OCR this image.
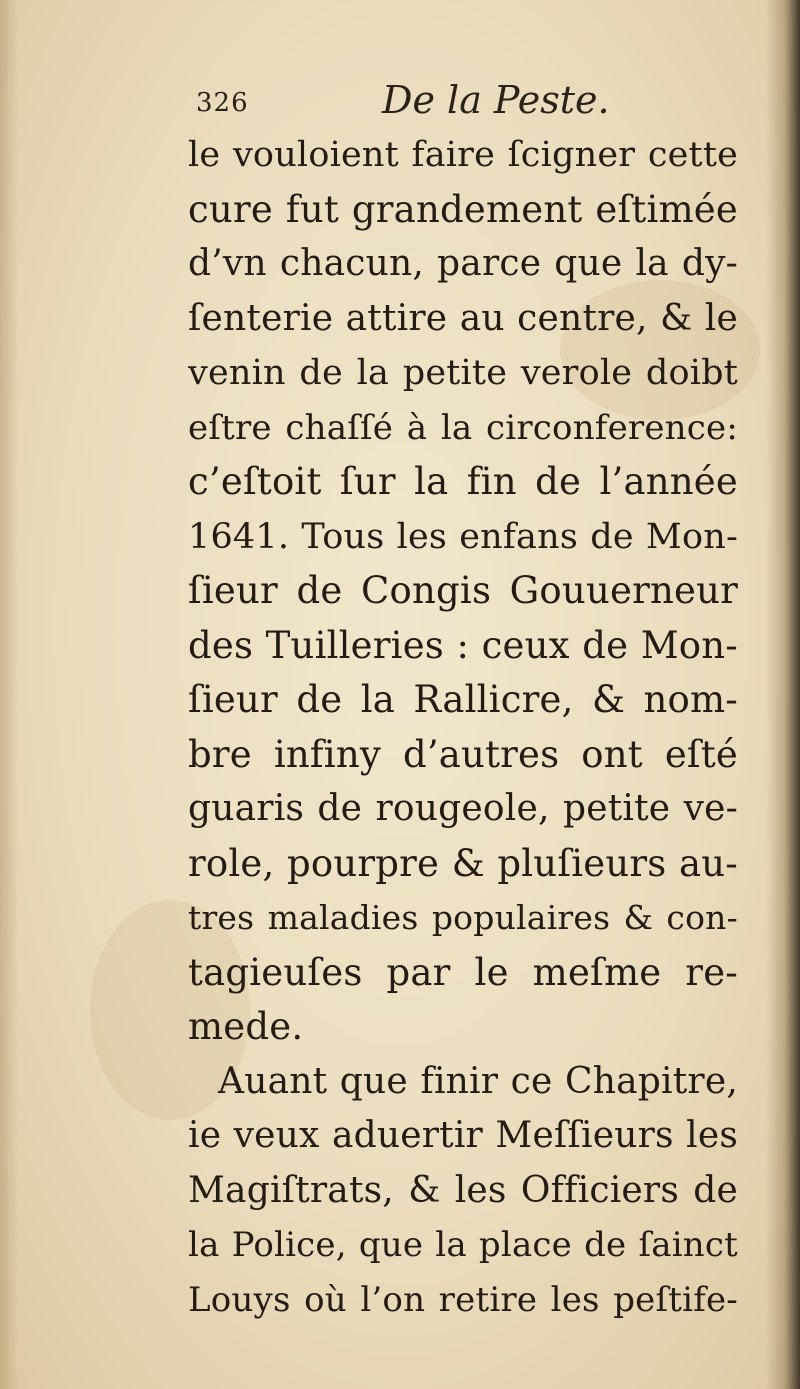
326	De la Peste.
le vouloient faire ſcigner cette
cure fut grandement eſtimée
d’vn chacun, parce que la dy-
ſenterie attire au centre, & le
venin de la petite verole doibt
eſtre chaſſé à la circonference:
c’eſtoit ſur la fin de l’année
1641. Tous les enfans de Mon-
ſieur de Congis Gouuerneur
des Tuilleries : ceux de Mon-
ſieur de la Rallicre, & nom-
bre infiny d’autres ont eſté
guaris de rougeole, petite ve-
role, pourpre & pluſieurs au-
tres maladies populaires & con-
tagieuſes par le meſme re-
mede.
Auant que finir ce Chapitre,
ie veux aduertir Meſſieurs les
Magiſtrats, & les Officiers de
la Police, que la place de ſainct
Louys où l’on retire les peſtife-
